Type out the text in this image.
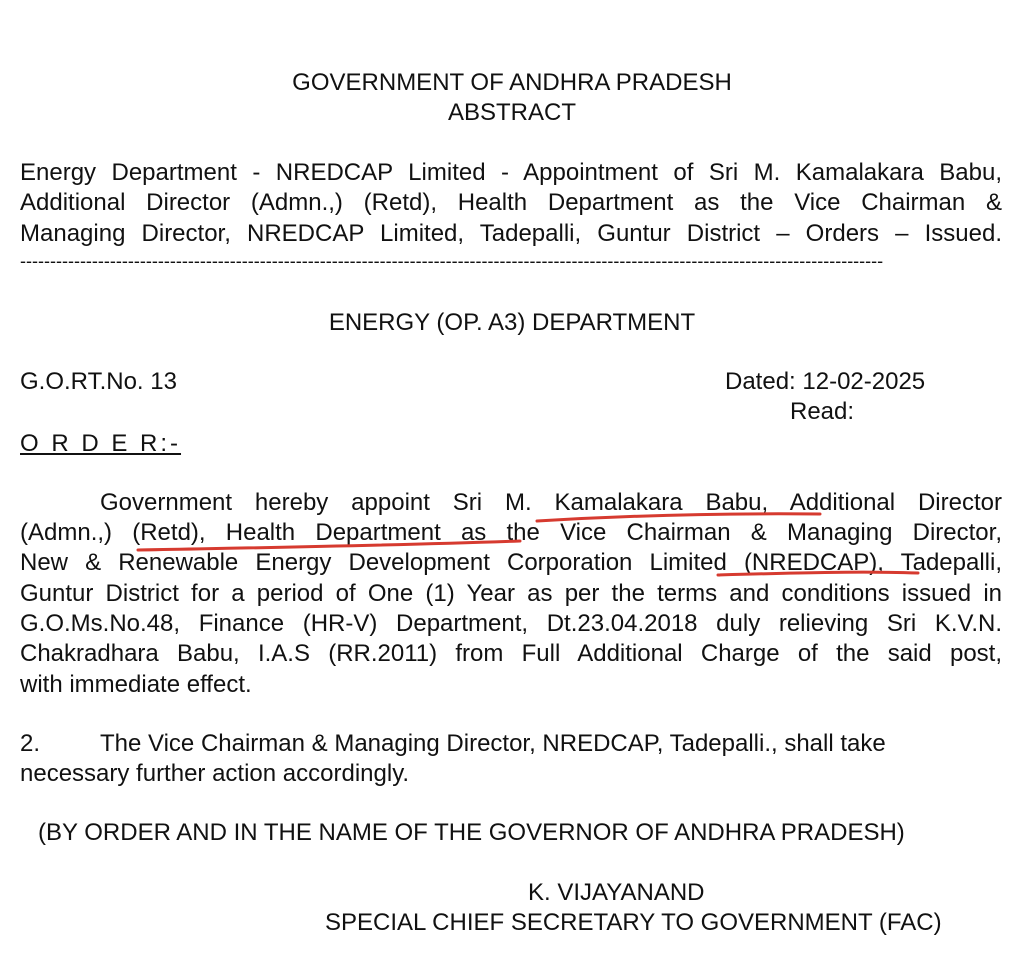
GOVERNMENT OF ANDHRA PRADESH
ABSTRACT
Energy Department - NREDCAP Limited - Appointment of Sri M. Kamalakara Babu,
Additional Director (Admn.,) (Retd), Health Department as the Vice Chairman &
Managing Director, NREDCAP Limited, Tadepalli, Guntur District – Orders – Issued.
------------------------------------------------------------------------------------------------------------------------------------------------
ENERGY (OP. A3) DEPARTMENT
G.O.RT.No. 13	Dated: 12-02-2025
Read:
O R D E R:-
Government hereby appoint Sri M. Kamalakara Babu, Additional Director
(Admn.,) (Retd), Health Department as the Vice Chairman & Managing Director,
New & Renewable Energy Development Corporation Limited (NREDCAP), Tadepalli,
Guntur District for a period of One (1) Year as per the terms and conditions issued in
G.O.Ms.No.48, Finance (HR-V) Department, Dt.23.04.2018 duly relieving Sri K.V.N.
Chakradhara Babu, I.A.S (RR.2011) from Full Additional Charge of the said post,
with immediate effect.
2. The Vice Chairman & Managing Director, NREDCAP, Tadepalli., shall take
necessary further action accordingly.
(BY ORDER AND IN THE NAME OF THE GOVERNOR OF ANDHRA PRADESH)
K. VIJAYANAND
SPECIAL CHIEF SECRETARY TO GOVERNMENT (FAC)
